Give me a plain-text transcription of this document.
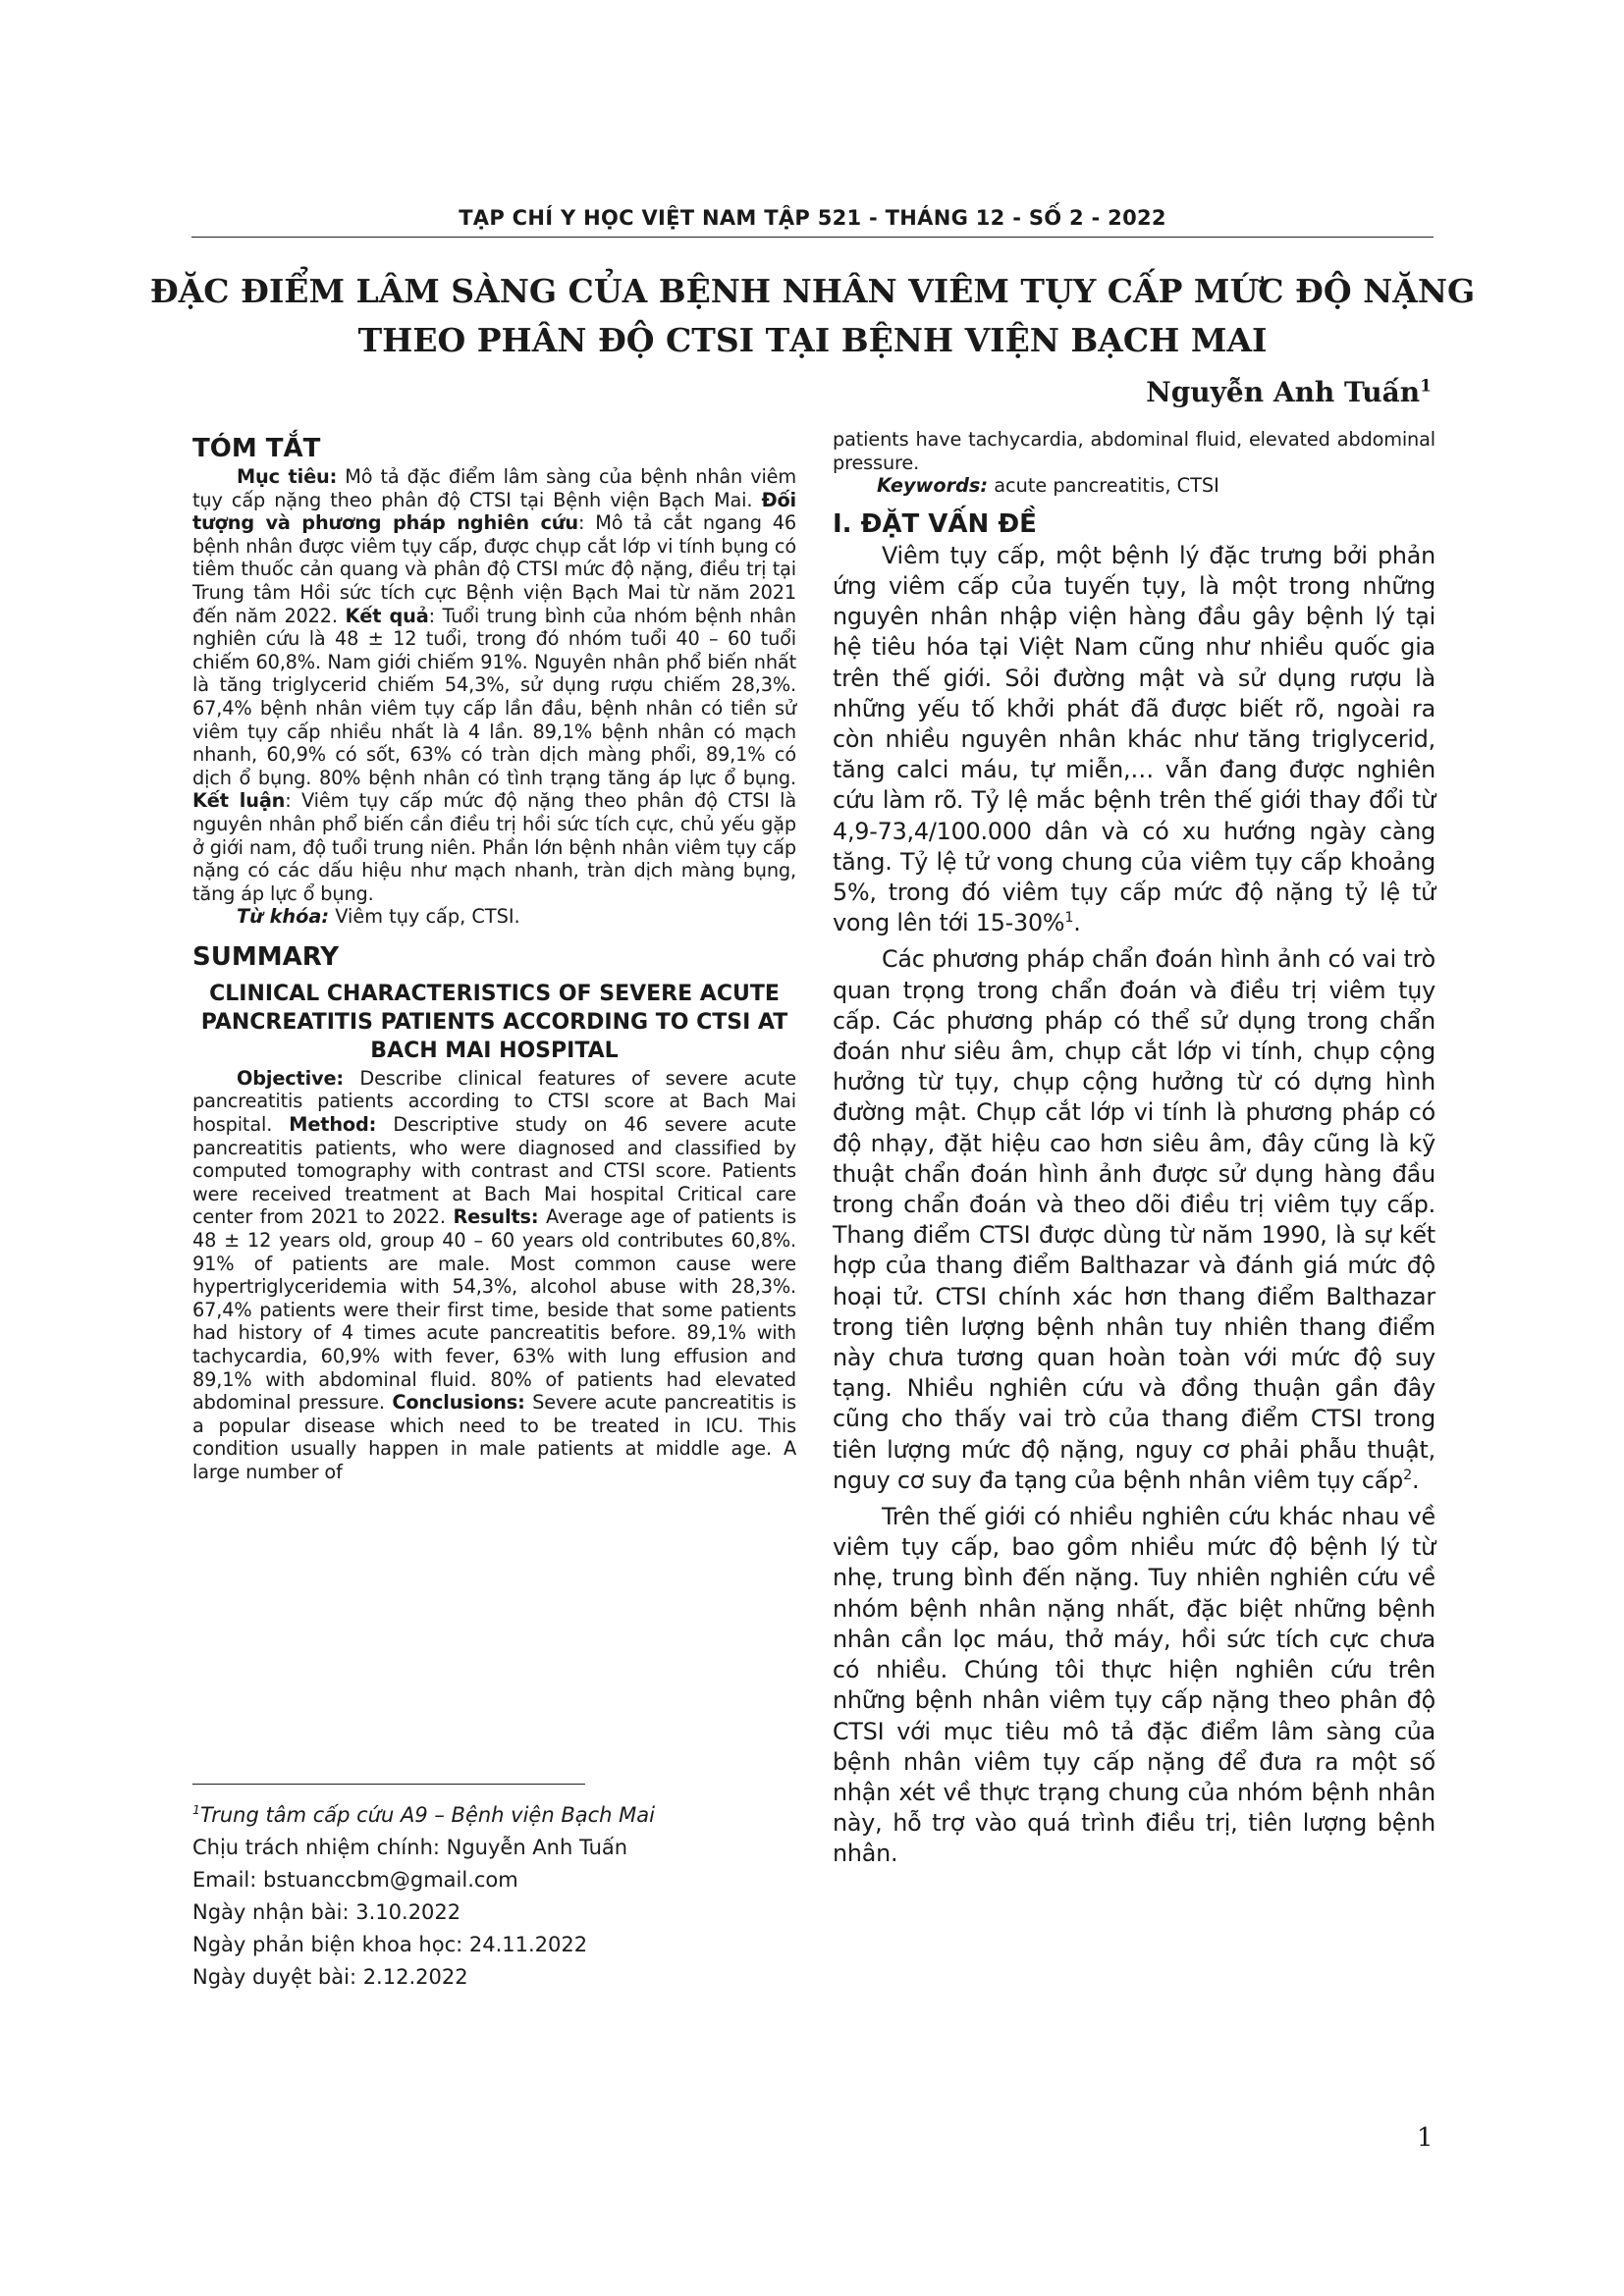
TẠP CHÍ Y HỌC VIỆT NAM TẬP 521 - THÁNG 12 - SỐ 2 - 2022
ĐẶC ĐIỂM LÂM SÀNG CỦA BỆNH NHÂN VIÊM TỤY CẤP MỨC ĐỘ NẶNG
THEO PHÂN ĐỘ CTSI TẠI BỆNH VIỆN BẠCH MAI
Nguyễn Anh Tuấn$^1$
TÓM TẮT

Mục tiêu: Mô tả đặc điểm lâm sàng của bệnh nhân viêm tụy cấp nặng theo phân độ CTSI tại Bệnh viện Bạch Mai. Đối tượng và phương pháp nghiên cứu: Mô tả cắt ngang 46 bệnh nhân được viêm tụy cấp, được chụp cắt lớp vi tính bụng có tiêm thuốc cản quang và phân độ CTSI mức độ nặng, điều trị tại Trung tâm Hồi sức tích cực Bệnh viện Bạch Mai từ năm 2021 đến năm 2022. Kết quả: Tuổi trung bình của nhóm bệnh nhân nghiên cứu là 48 ± 12 tuổi, trong đó nhóm tuổi 40 – 60 tuổi chiếm 60,8%. Nam giới chiếm 91%. Nguyên nhân phổ biến nhất là tăng triglycerid chiếm 54,3%, sử dụng rượu chiếm 28,3%. 67,4% bệnh nhân viêm tụy cấp lần đầu, bệnh nhân có tiền sử viêm tụy cấp nhiều nhất là 4 lần. 89,1% bệnh nhân có mạch nhanh, 60,9% có sốt, 63% có tràn dịch màng phổi, 89,1% có dịch ổ bụng. 80% bệnh nhân có tình trạng tăng áp lực ổ bụng. Kết luận: Viêm tụy cấp mức độ nặng theo phân độ CTSI là nguyên nhân phổ biến cần điều trị hồi sức tích cực, chủ yếu gặp ở giới nam, độ tuổi trung niên. Phần lớn bệnh nhân viêm tụy cấp nặng có các dấu hiệu như mạch nhanh, tràn dịch màng bụng, tăng áp lực ổ bụng.

Từ khóa: Viêm tụy cấp, CTSI.

SUMMARY
CLINICAL CHARACTERISTICS OF SEVERE ACUTE PANCREATITIS PATIENTS ACCORDING TO CTSI AT BACH MAI HOSPITAL

Objective: Describe clinical features of severe acute pancreatitis patients according to CTSI score at Bach Mai hospital. Method: Descriptive study on 46 severe acute pancreatitis patients, who were diagnosed and classified by computed tomography with contrast and CTSI score. Patients were received treatment at Bach Mai hospital Critical care center from 2021 to 2022. Results: Average age of patients is 48 ± 12 years old, group 40 – 60 years old contributes 60,8%. 91% of patients are male. Most common cause were hypertriglyceridemia with 54,3%, alcohol abuse with 28,3%. 67,4% patients were their first time, beside that some patients had history of 4 times acute pancreatitis before. 89,1% with tachycardia, 60,9% with fever, 63% with lung effusion and 89,1% with abdominal fluid. 80% of patients had elevated abdominal pressure. Conclusions: Severe acute pancreatitis is a popular disease which need to be treated in ICU. This condition usually happen in male patients at middle age. A large number of

$^1$Trung tâm cấp cứu A9 – Bệnh viện Bạch Mai
Chịu trách nhiệm chính: Nguyễn Anh Tuấn
Email: bstuanccbm@gmail.com
Ngày nhận bài: 3.10.2022
Ngày phản biện khoa học: 24.11.2022
Ngày duyệt bài: 2.12.2022

patients have tachycardia, abdominal fluid, elevated abdominal pressure.

Keywords: acute pancreatitis, CTSI

I. ĐẶT VẤN ĐỀ

Viêm tụy cấp, một bệnh lý đặc trưng bởi phản ứng viêm cấp của tuyến tụy, là một trong những nguyên nhân nhập viện hàng đầu gây bệnh lý tại hệ tiêu hóa tại Việt Nam cũng như nhiều quốc gia trên thế giới. Sỏi đường mật và sử dụng rượu là những yếu tố khởi phát đã được biết rõ, ngoài ra còn nhiều nguyên nhân khác như tăng triglycerid, tăng calci máu, tự miễn,… vẫn đang được nghiên cứu làm rõ. Tỷ lệ mắc bệnh trên thế giới thay đổi từ 4,9-73,4/100.000 dân và có xu hướng ngày càng tăng. Tỷ lệ tử vong chung của viêm tụy cấp khoảng 5%, trong đó viêm tụy cấp mức độ nặng tỷ lệ tử vong lên tới 15-30%$^1$.

Các phương pháp chẩn đoán hình ảnh có vai trò quan trọng trong chẩn đoán và điều trị viêm tụy cấp. Các phương pháp có thể sử dụng trong chẩn đoán như siêu âm, chụp cắt lớp vi tính, chụp cộng hưởng từ tụy, chụp cộng hưởng từ có dựng hình đường mật. Chụp cắt lớp vi tính là phương pháp có độ nhạy, đặt hiệu cao hơn siêu âm, đây cũng là kỹ thuật chẩn đoán hình ảnh được sử dụng hàng đầu trong chẩn đoán và theo dõi điều trị viêm tụy cấp. Thang điểm CTSI được dùng từ năm 1990, là sự kết hợp của thang điểm Balthazar và đánh giá mức độ hoại tử. CTSI chính xác hơn thang điểm Balthazar trong tiên lượng bệnh nhân tuy nhiên thang điểm này chưa tương quan hoàn toàn với mức độ suy tạng. Nhiều nghiên cứu và đồng thuận gần đây cũng cho thấy vai trò của thang điểm CTSI trong tiên lượng mức độ nặng, nguy cơ phải phẫu thuật, nguy cơ suy đa tạng của bệnh nhân viêm tụy cấp$^2$.

Trên thế giới có nhiều nghiên cứu khác nhau về viêm tụy cấp, bao gồm nhiều mức độ bệnh lý từ nhẹ, trung bình đến nặng. Tuy nhiên nghiên cứu về nhóm bệnh nhân nặng nhất, đặc biệt những bệnh nhân cần lọc máu, thở máy, hồi sức tích cực chưa có nhiều. Chúng tôi thực hiện nghiên cứu trên những bệnh nhân viêm tụy cấp nặng theo phân độ CTSI với mục tiêu mô tả đặc điểm lâm sàng của bệnh nhân viêm tụy cấp nặng để đưa ra một số nhận xét về thực trạng chung của nhóm bệnh nhân này, hỗ trợ vào quá trình điều trị, tiên lượng bệnh nhân.

1
